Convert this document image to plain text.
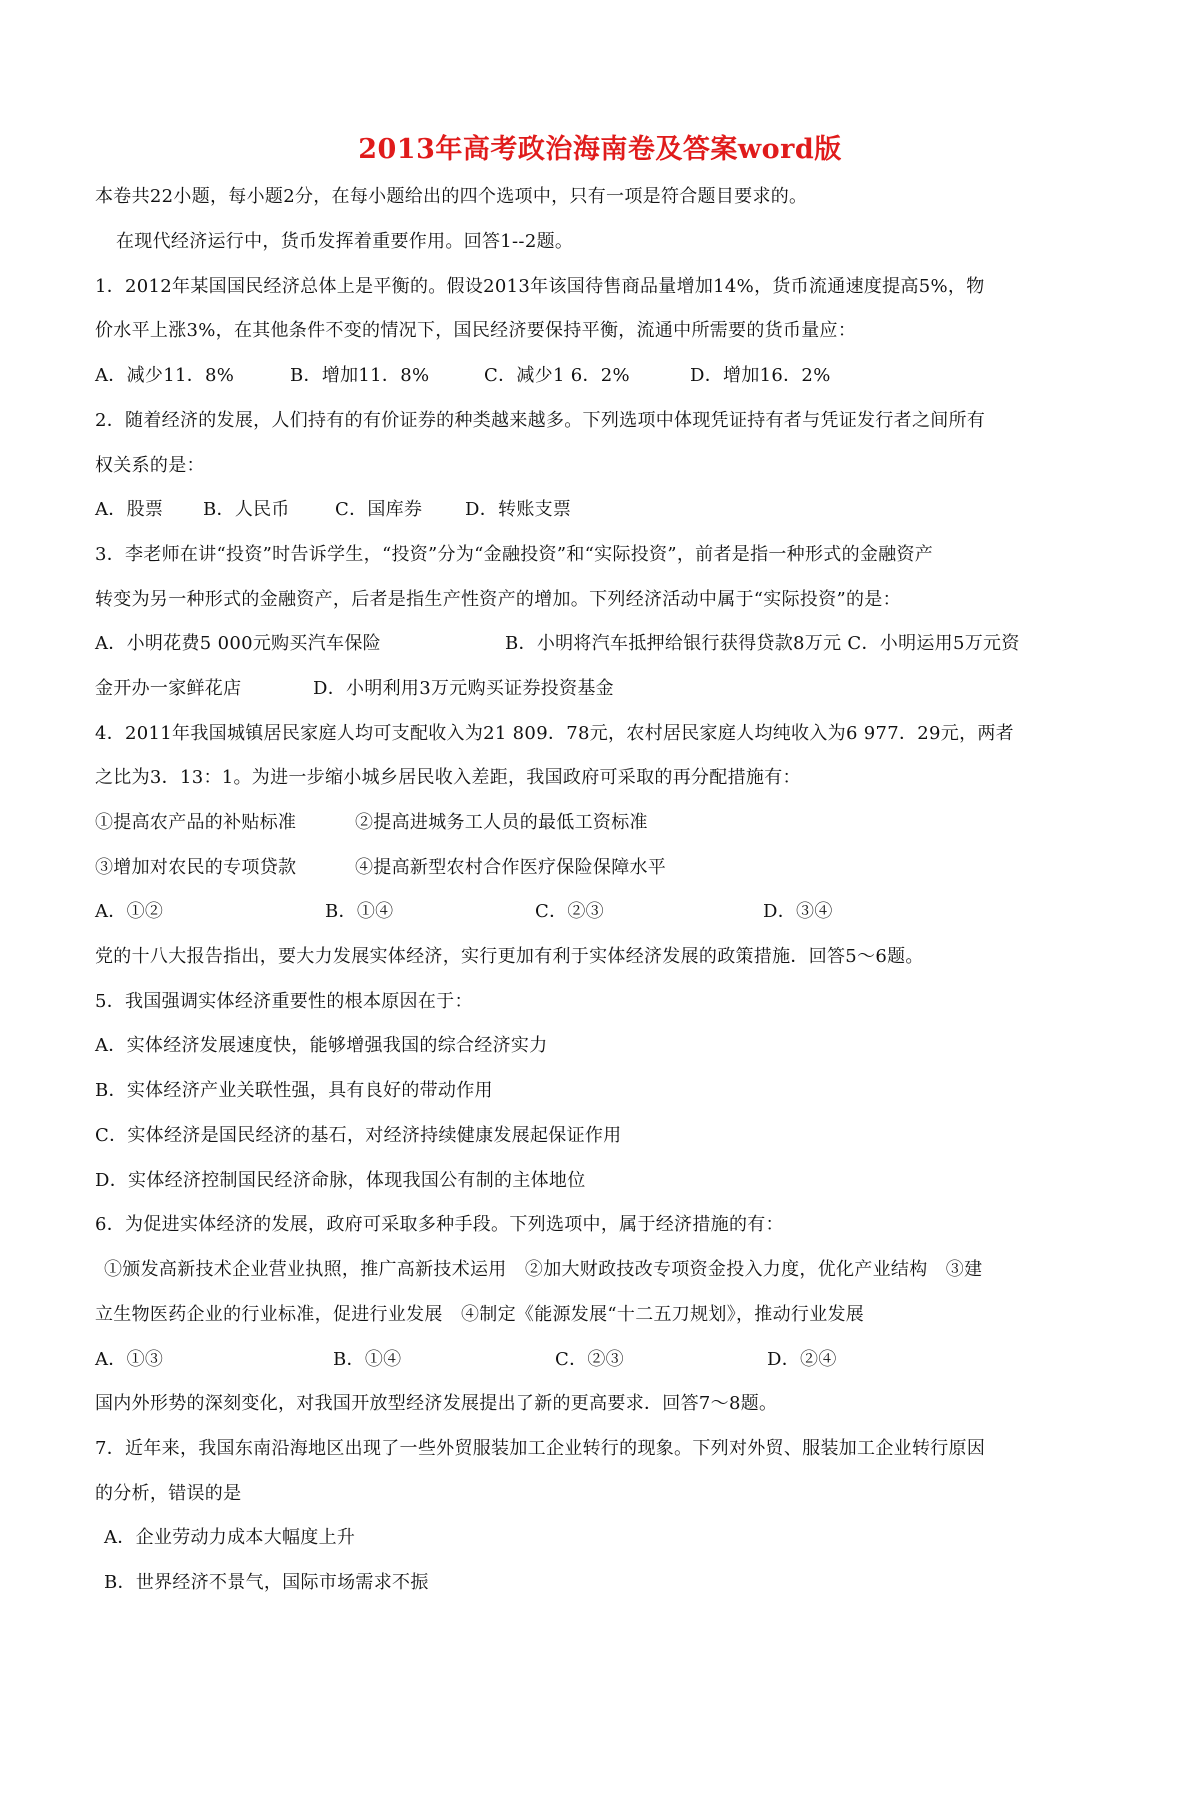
2013年高考政治海南卷及答案word版
本卷共22小题，每小题2分，在每小题给出的四个选项中，只有一项是符合题目要求的。
在现代经济运行中，货币发挥着重要作用。回答1--2题。
1．2012年某国国民经济总体上是平衡的。假设2013年该国待售商品量增加14%，货币流通速度提高5%，物
价水平上涨3%，在其他条件不变的情况下，国民经济要保持平衡，流通中所需要的货币量应：
A．减少11．8%	B．增加11．8%	C．减少1 6．2%	D．增加16．2%
2．随着经济的发展，人们持有的有价证券的种类越来越多。下列选项中体现凭证持有者与凭证发行者之间所有
权关系的是：
A．股票 B．人民币	C．国库券 D．转账支票
3．李老师在讲“投资”时告诉学生，“投资”分为“金融投资”和“实际投资”，前者是指一种形式的金融资产
转变为另一种形式的金融资产，后者是指生产性资产的增加。下列经济活动中属于“实际投资”的是：
A．小明花费5 000元购买汽车保险	B．小明将汽车抵押给银行获得贷款8万元 C．小明运用5万元资
金开办一家鲜花店	D．小明利用3万元购买证券投资基金
4．2011年我国城镇居民家庭人均可支配收入为21 809．78元，农村居民家庭人均纯收入为6 977．29元，两者
之比为3．13：1。为进一步缩小城乡居民收入差距，我国政府可采取的再分配措施有：
①提高农产品的补贴标准	②提高进城务工人员的最低工资标准
③增加对农民的专项贷款	④提高新型农村合作医疗保险保障水平
A．①②	B．①④	C．②③	D．③④
党的十八大报告指出，要大力发展实体经济，实行更加有利于实体经济发展的政策措施．回答5～6题。
5．我国强调实体经济重要性的根本原因在于：
A．实体经济发展速度快，能够增强我国的综合经济实力
B．实体经济产业关联性强，具有良好的带动作用
C．实体经济是国民经济的基石，对经济持续健康发展起保证作用
D．实体经济控制国民经济命脉，体现我国公有制的主体地位
6．为促进实体经济的发展，政府可采取多种手段。下列选项中，属于经济措施的有：
①颁发高新技术企业营业执照，推广高新技术运用　②加大财政技改专项资金投入力度，优化产业结构　③建
立生物医药企业的行业标准，促进行业发展　④制定《能源发展“十二五刀规划》，推动行业发展
A．①③	B．①④	C．②③	D．②④
国内外形势的深刻变化，对我国开放型经济发展提出了新的更高要求．回答7～8题。
7．近年来，我国东南沿海地区出现了一些外贸服装加工企业转行的现象。下列对外贸、服装加工企业转行原因
的分析，错误的是
A．企业劳动力成本大幅度上升
B．世界经济不景气，国际市场需求不振
